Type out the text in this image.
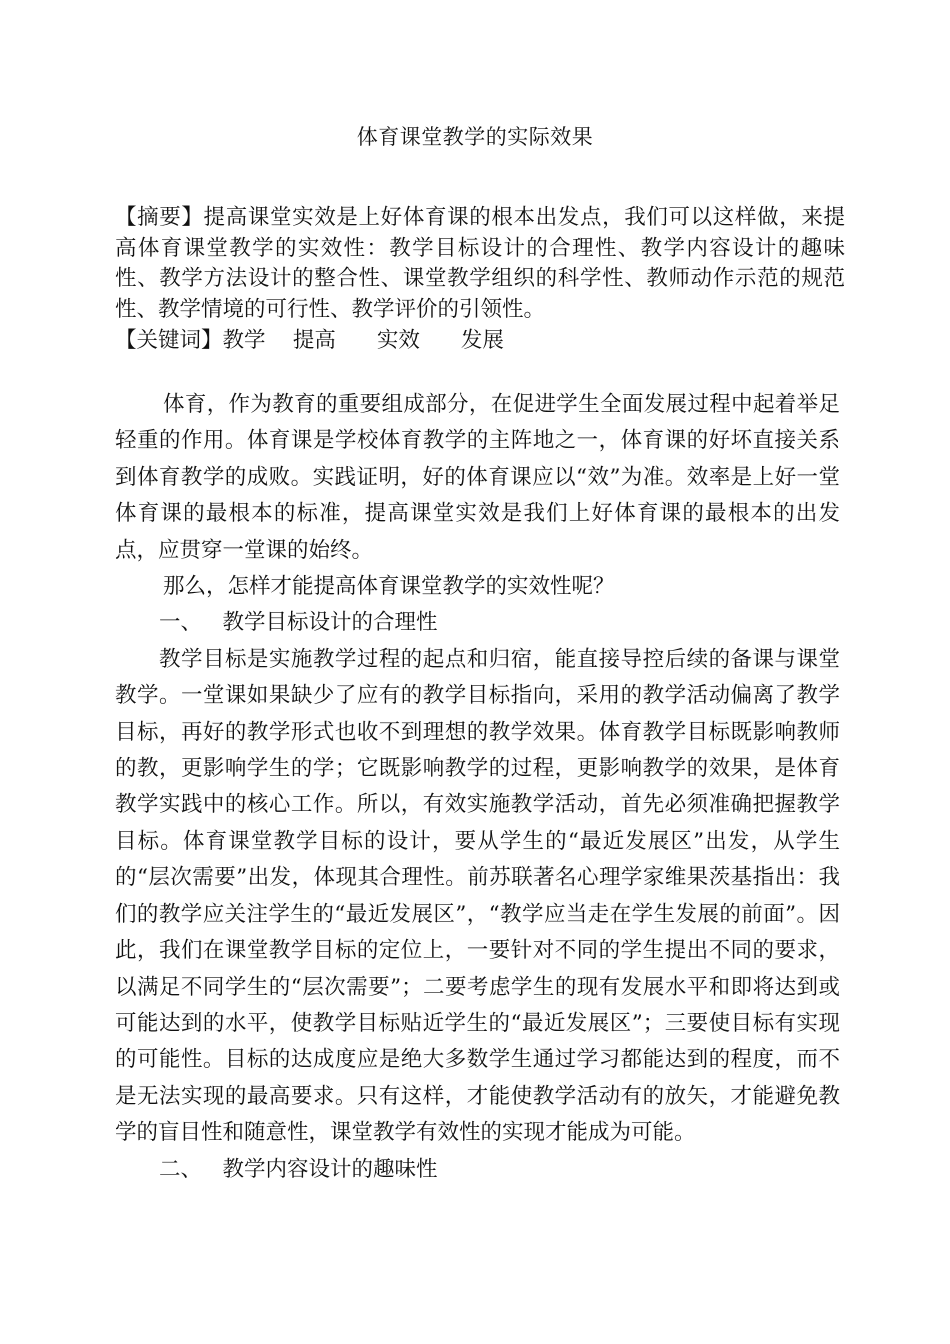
体育课堂教学的实际效果
【摘要】提高课堂实效是上好体育课的根本出发点，我们可以这样做，来提高体育课堂教学的实效性：教学目标设计的合理性、教学内容设计的趣味性、教学方法设计的整合性、课堂教学组织的科学性、教师动作示范的规范性、教学情境的可行性、教学评价的引领性。
【关键词】教学    提高      实效      发展

体育，作为教育的重要组成部分，在促进学生全面发展过程中起着举足轻重的作用。体育课是学校体育教学的主阵地之一，体育课的好坏直接关系到体育教学的成败。实践证明，好的体育课应以“效”为准。效率是上好一堂体育课的最根本的标准，提高课堂实效是我们上好体育课的最根本的出发点，应贯穿一堂课的始终。

那么，怎样才能提高体育课堂教学的实效性呢？

一、   教学目标设计的合理性

教学目标是实施教学过程的起点和归宿，能直接导控后续的备课与课堂教学。一堂课如果缺少了应有的教学目标指向，采用的教学活动偏离了教学目标，再好的教学形式也收不到理想的教学效果。体育教学目标既影响教师的教，更影响学生的学；它既影响教学的过程，更影响教学的效果，是体育教学实践中的核心工作。所以，有效实施教学活动，首先必须准确把握教学目标。体育课堂教学目标的设计，要从学生的“最近发展区”出发，从学生的“层次需要”出发，体现其合理性。前苏联著名心理学家维果茨基指出：我们的教学应关注学生的“最近发展区”，“教学应当走在学生发展的前面”。因此，我们在课堂教学目标的定位上，一要针对不同的学生提出不同的要求，以满足不同学生的“层次需要”；二要考虑学生的现有发展水平和即将达到或可能达到的水平，使教学目标贴近学生的“最近发展区”；三要使目标有实现的可能性。目标的达成度应是绝大多数学生通过学习都能达到的程度，而不是无法实现的最高要求。只有这样，才能使教学活动有的放矢，才能避免教学的盲目性和随意性，课堂教学有效性的实现才能成为可能。

二、   教学内容设计的趣味性
